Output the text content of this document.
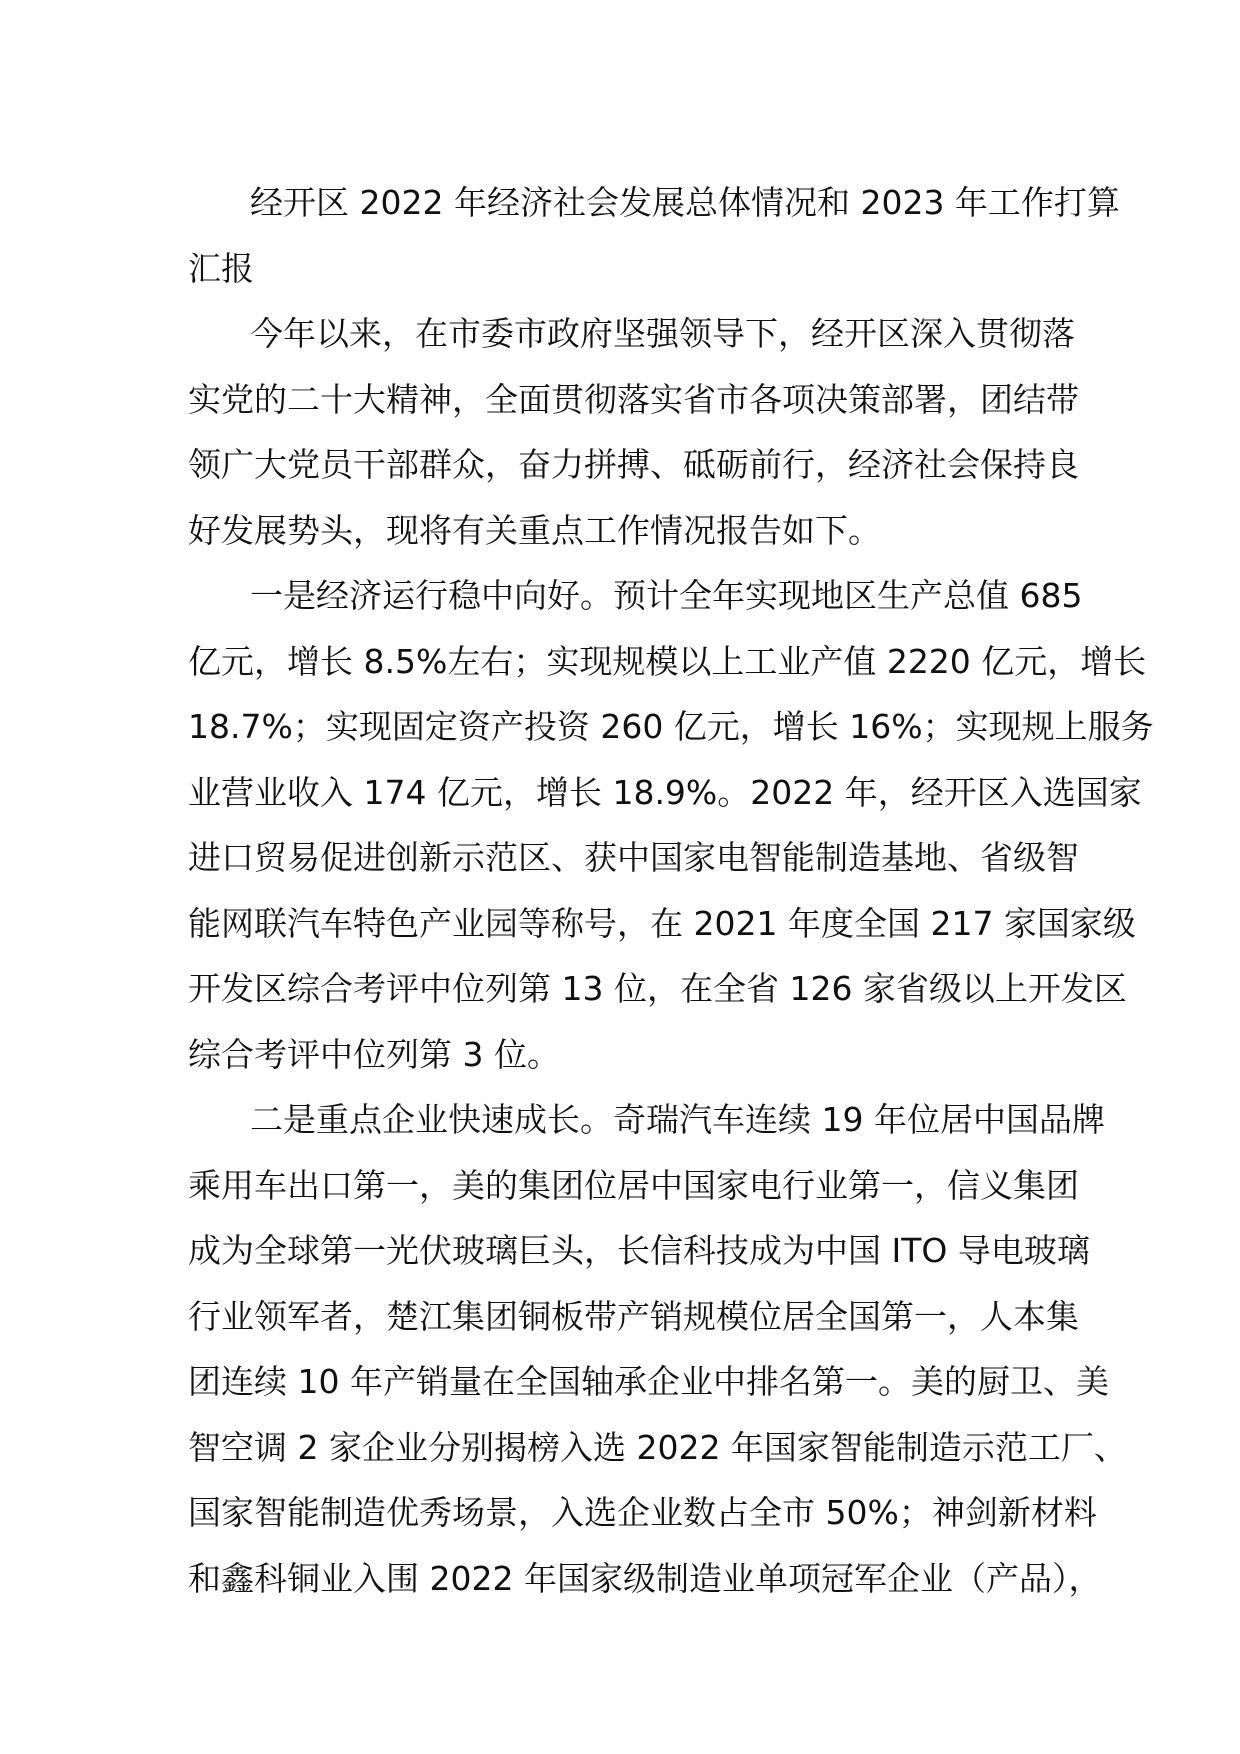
经开区 2022 年经济社会发展总体情况和 2023 年工作打算
汇报
今年以来，在市委市政府坚强领导下，经开区深入贯彻落
实党的二十大精神，全面贯彻落实省市各项决策部署，团结带
领广大党员干部群众，奋力拼搏、砥砺前行，经济社会保持良
好发展势头，现将有关重点工作情况报告如下。
一是经济运行稳中向好。预计全年实现地区生产总值 685
亿元，增长 8.5%左右；实现规模以上工业产值 2220 亿元，增长
18.7%；实现固定资产投资 260 亿元，增长 16%；实现规上服务
业营业收入 174 亿元，增长 18.9%。2022 年，经开区入选国家
进口贸易促进创新示范区、获中国家电智能制造基地、省级智
能网联汽车特色产业园等称号，在 2021 年度全国 217 家国家级
开发区综合考评中位列第 13 位，在全省 126 家省级以上开发区
综合考评中位列第 3 位。
二是重点企业快速成长。奇瑞汽车连续 19 年位居中国品牌
乘用车出口第一，美的集团位居中国家电行业第一，信义集团
成为全球第一光伏玻璃巨头，长信科技成为中国 ITO 导电玻璃
行业领军者，楚江集团铜板带产销规模位居全国第一，人本集
团连续 10 年产销量在全国轴承企业中排名第一。美的厨卫、美
智空调 2 家企业分别揭榜入选 2022 年国家智能制造示范工厂、
国家智能制造优秀场景，入选企业数占全市 50%；神剑新材料
和鑫科铜业入围 2022 年国家级制造业单项冠军企业（产品），
